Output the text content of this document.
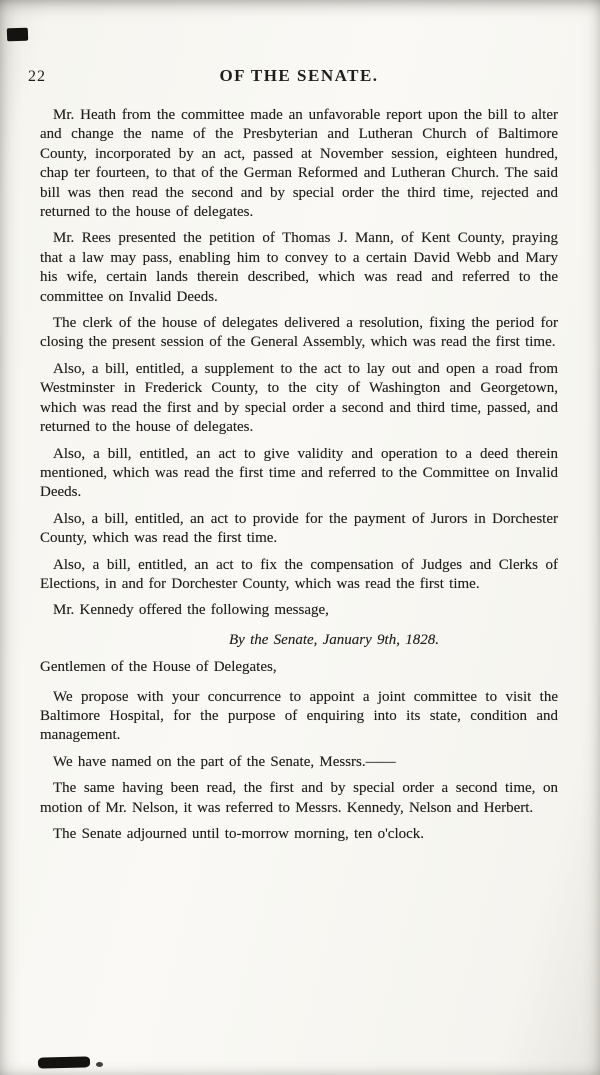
22	OF THE SENATE.

Mr. Heath from the committee made an unfavorable report upon the bill to alter and change the name of the Presbyterian and Lutheran Church of Baltimore County, incorporated by an act, passed at November session, eighteen hundred, chap ter fourteen, to that of the German Reformed and Lutheran Church. The said bill was then read the second and by special order the third time, rejected and returned to the house of delegates.

Mr. Rees presented the petition of Thomas J. Mann, of Kent County, praying that a law may pass, enabling him to convey to a certain David Webb and Mary his wife, certain lands therein described, which was read and referred to the committee on Invalid Deeds.

The clerk of the house of delegates delivered a resolution, fixing the period for closing the present session of the General Assembly, which was read the first time.

Also, a bill, entitled, a supplement to the act to lay out and open a road from Westminster in Frederick County, to the city of Washington and Georgetown, which was read the first and by special order a second and third time, passed, and returned to the house of delegates.

Also, a bill, entitled, an act to give validity and operation to a deed therein mentioned, which was read the first time and referred to the Committee on Invalid Deeds.

Also, a bill, entitled, an act to provide for the payment of Jurors in Dorchester County, which was read the first time.

Also, a bill, entitled, an act to fix the compensation of Judges and Clerks of Elections, in and for Dorchester County, which was read the first time.

Mr. Kennedy offered the following message,

By the Senate, January 9th, 1828.

Gentlemen of the House of Delegates,

We propose with your concurrence to appoint a joint committee to visit the Baltimore Hospital, for the purpose of enquiring into its state, condition and management.

We have named on the part of the Senate, Messrs.——

The same having been read, the first and by special order a second time, on motion of Mr. Nelson, it was referred to Messrs. Kennedy, Nelson and Herbert.

The Senate adjourned until to-morrow morning, ten o'clock.
